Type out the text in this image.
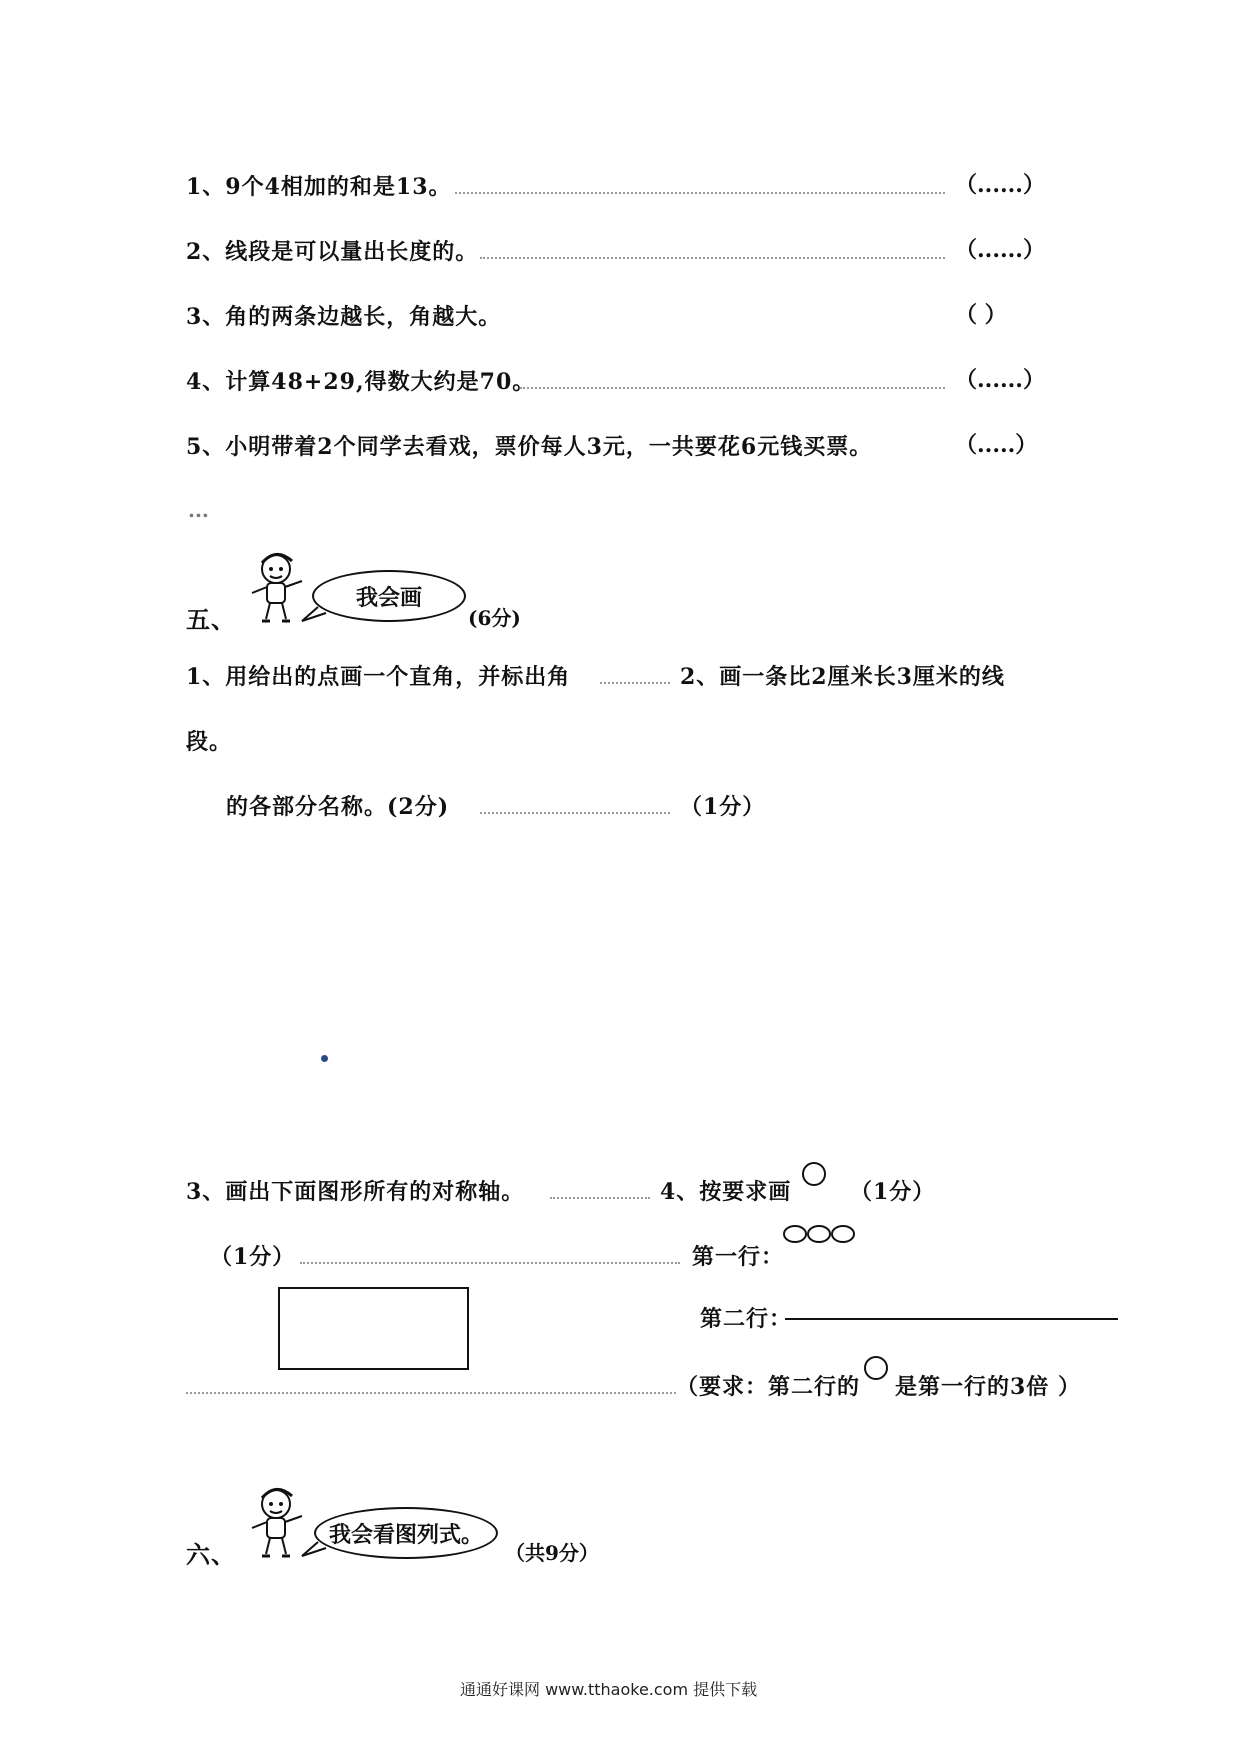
1、9个4相加的和是13。	（......）
2、线段是可以量出长度的。	（......）
3、角的两条边越长，角越大。	（ ）
4、计算48+29,得数大约是70。	（......）
5、小明带着2个同学去看戏，票价每人3元，一共要花6元钱买票。	（.....）
...
五、
我会画
(6分)
1、用给出的点画一个直角，并标出角	2、画一条比2厘米长3厘米的线
段。
的各部分名称。(2分)	（1分）
3、画出下面图形所有的对称轴。	4、按要求画	（1分）
（1分）	第一行：
第二行：
（要求：第二行的 是第一行的3倍 ）
六、
我会看图列式。
（共9分）
通通好课网 www.tthaoke.com 提供下载
